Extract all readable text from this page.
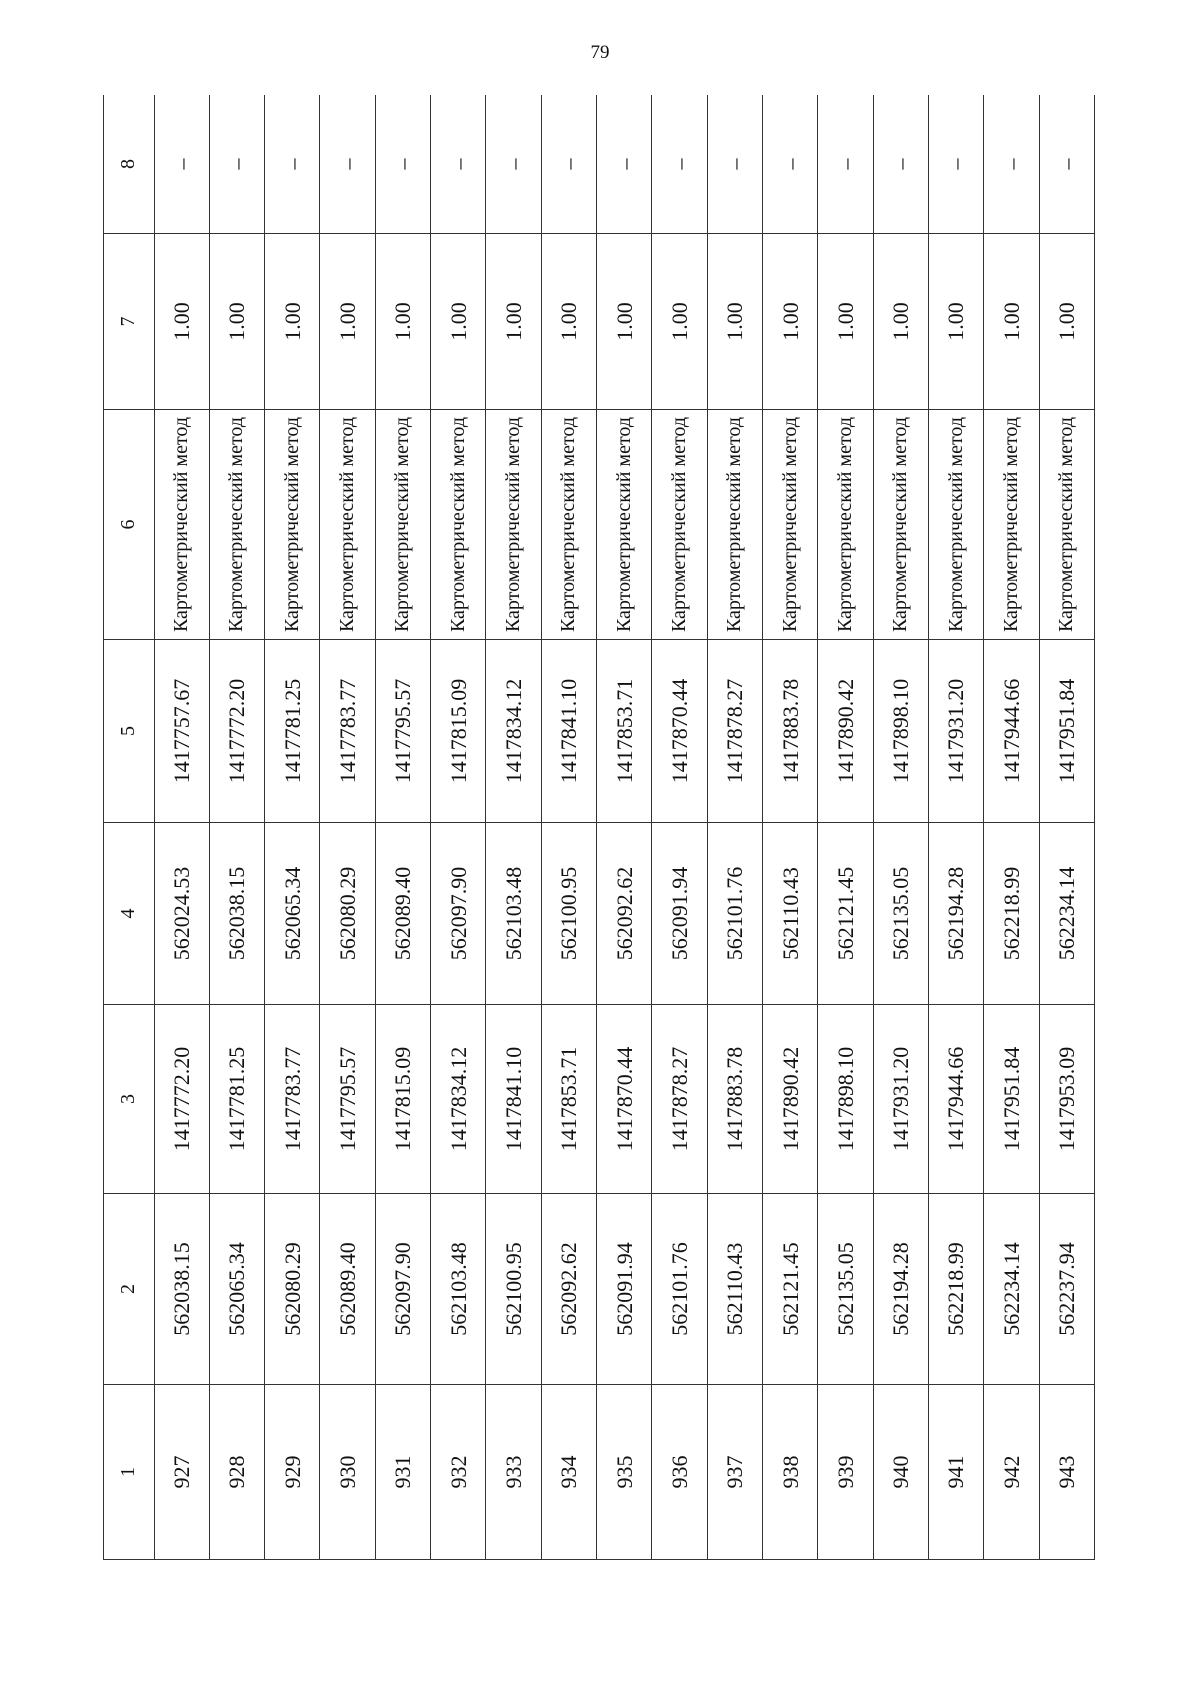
79
1	2	3	4	5	6	7	8
927	562038.15	1417772.20	562024.53	1417757.67	Картометрический метод	1.00	–
928	562065.34	1417781.25	562038.15	1417772.20	Картометрический метод	1.00	–
929	562080.29	1417783.77	562065.34	1417781.25	Картометрический метод	1.00	–
930	562089.40	1417795.57	562080.29	1417783.77	Картометрический метод	1.00	–
931	562097.90	1417815.09	562089.40	1417795.57	Картометрический метод	1.00	–
932	562103.48	1417834.12	562097.90	1417815.09	Картометрический метод	1.00	–
933	562100.95	1417841.10	562103.48	1417834.12	Картометрический метод	1.00	–
934	562092.62	1417853.71	562100.95	1417841.10	Картометрический метод	1.00	–
935	562091.94	1417870.44	562092.62	1417853.71	Картометрический метод	1.00	–
936	562101.76	1417878.27	562091.94	1417870.44	Картометрический метод	1.00	–
937	562110.43	1417883.78	562101.76	1417878.27	Картометрический метод	1.00	–
938	562121.45	1417890.42	562110.43	1417883.78	Картометрический метод	1.00	–
939	562135.05	1417898.10	562121.45	1417890.42	Картометрический метод	1.00	–
940	562194.28	1417931.20	562135.05	1417898.10	Картометрический метод	1.00	–
941	562218.99	1417944.66	562194.28	1417931.20	Картометрический метод	1.00	–
942	562234.14	1417951.84	562218.99	1417944.66	Картометрический метод	1.00	–
943	562237.94	1417953.09	562234.14	1417951.84	Картометрический метод	1.00	–
